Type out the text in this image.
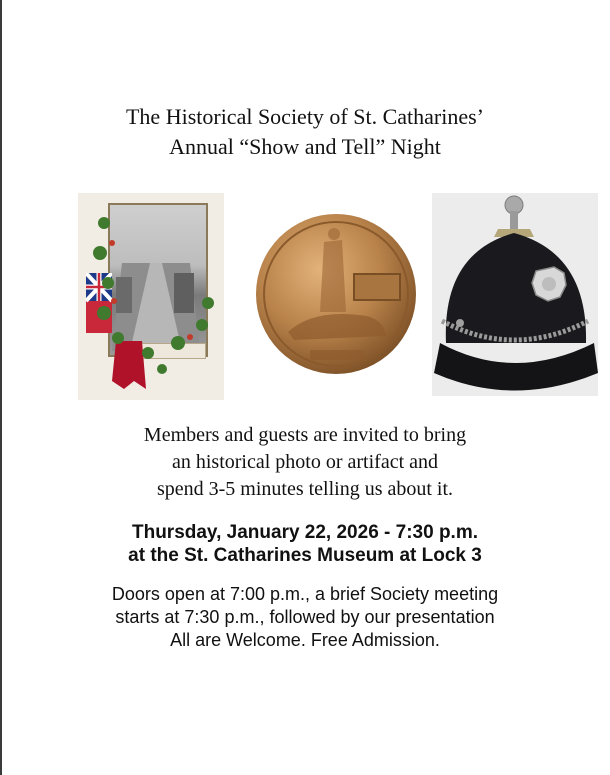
The Historical Society of St. Catharines’
Annual “Show and Tell” Night
Members and guests are invited to bring
an historical photo or artifact and
spend 3-5 minutes telling us about it.
Thursday, January 22, 2026 - 7:30 p.m.
at the St. Catharines Museum at Lock 3
Doors open at 7:00 p.m., a brief Society meeting
starts at 7:30 p.m., followed by our presentation
All are Welcome. Free Admission.
